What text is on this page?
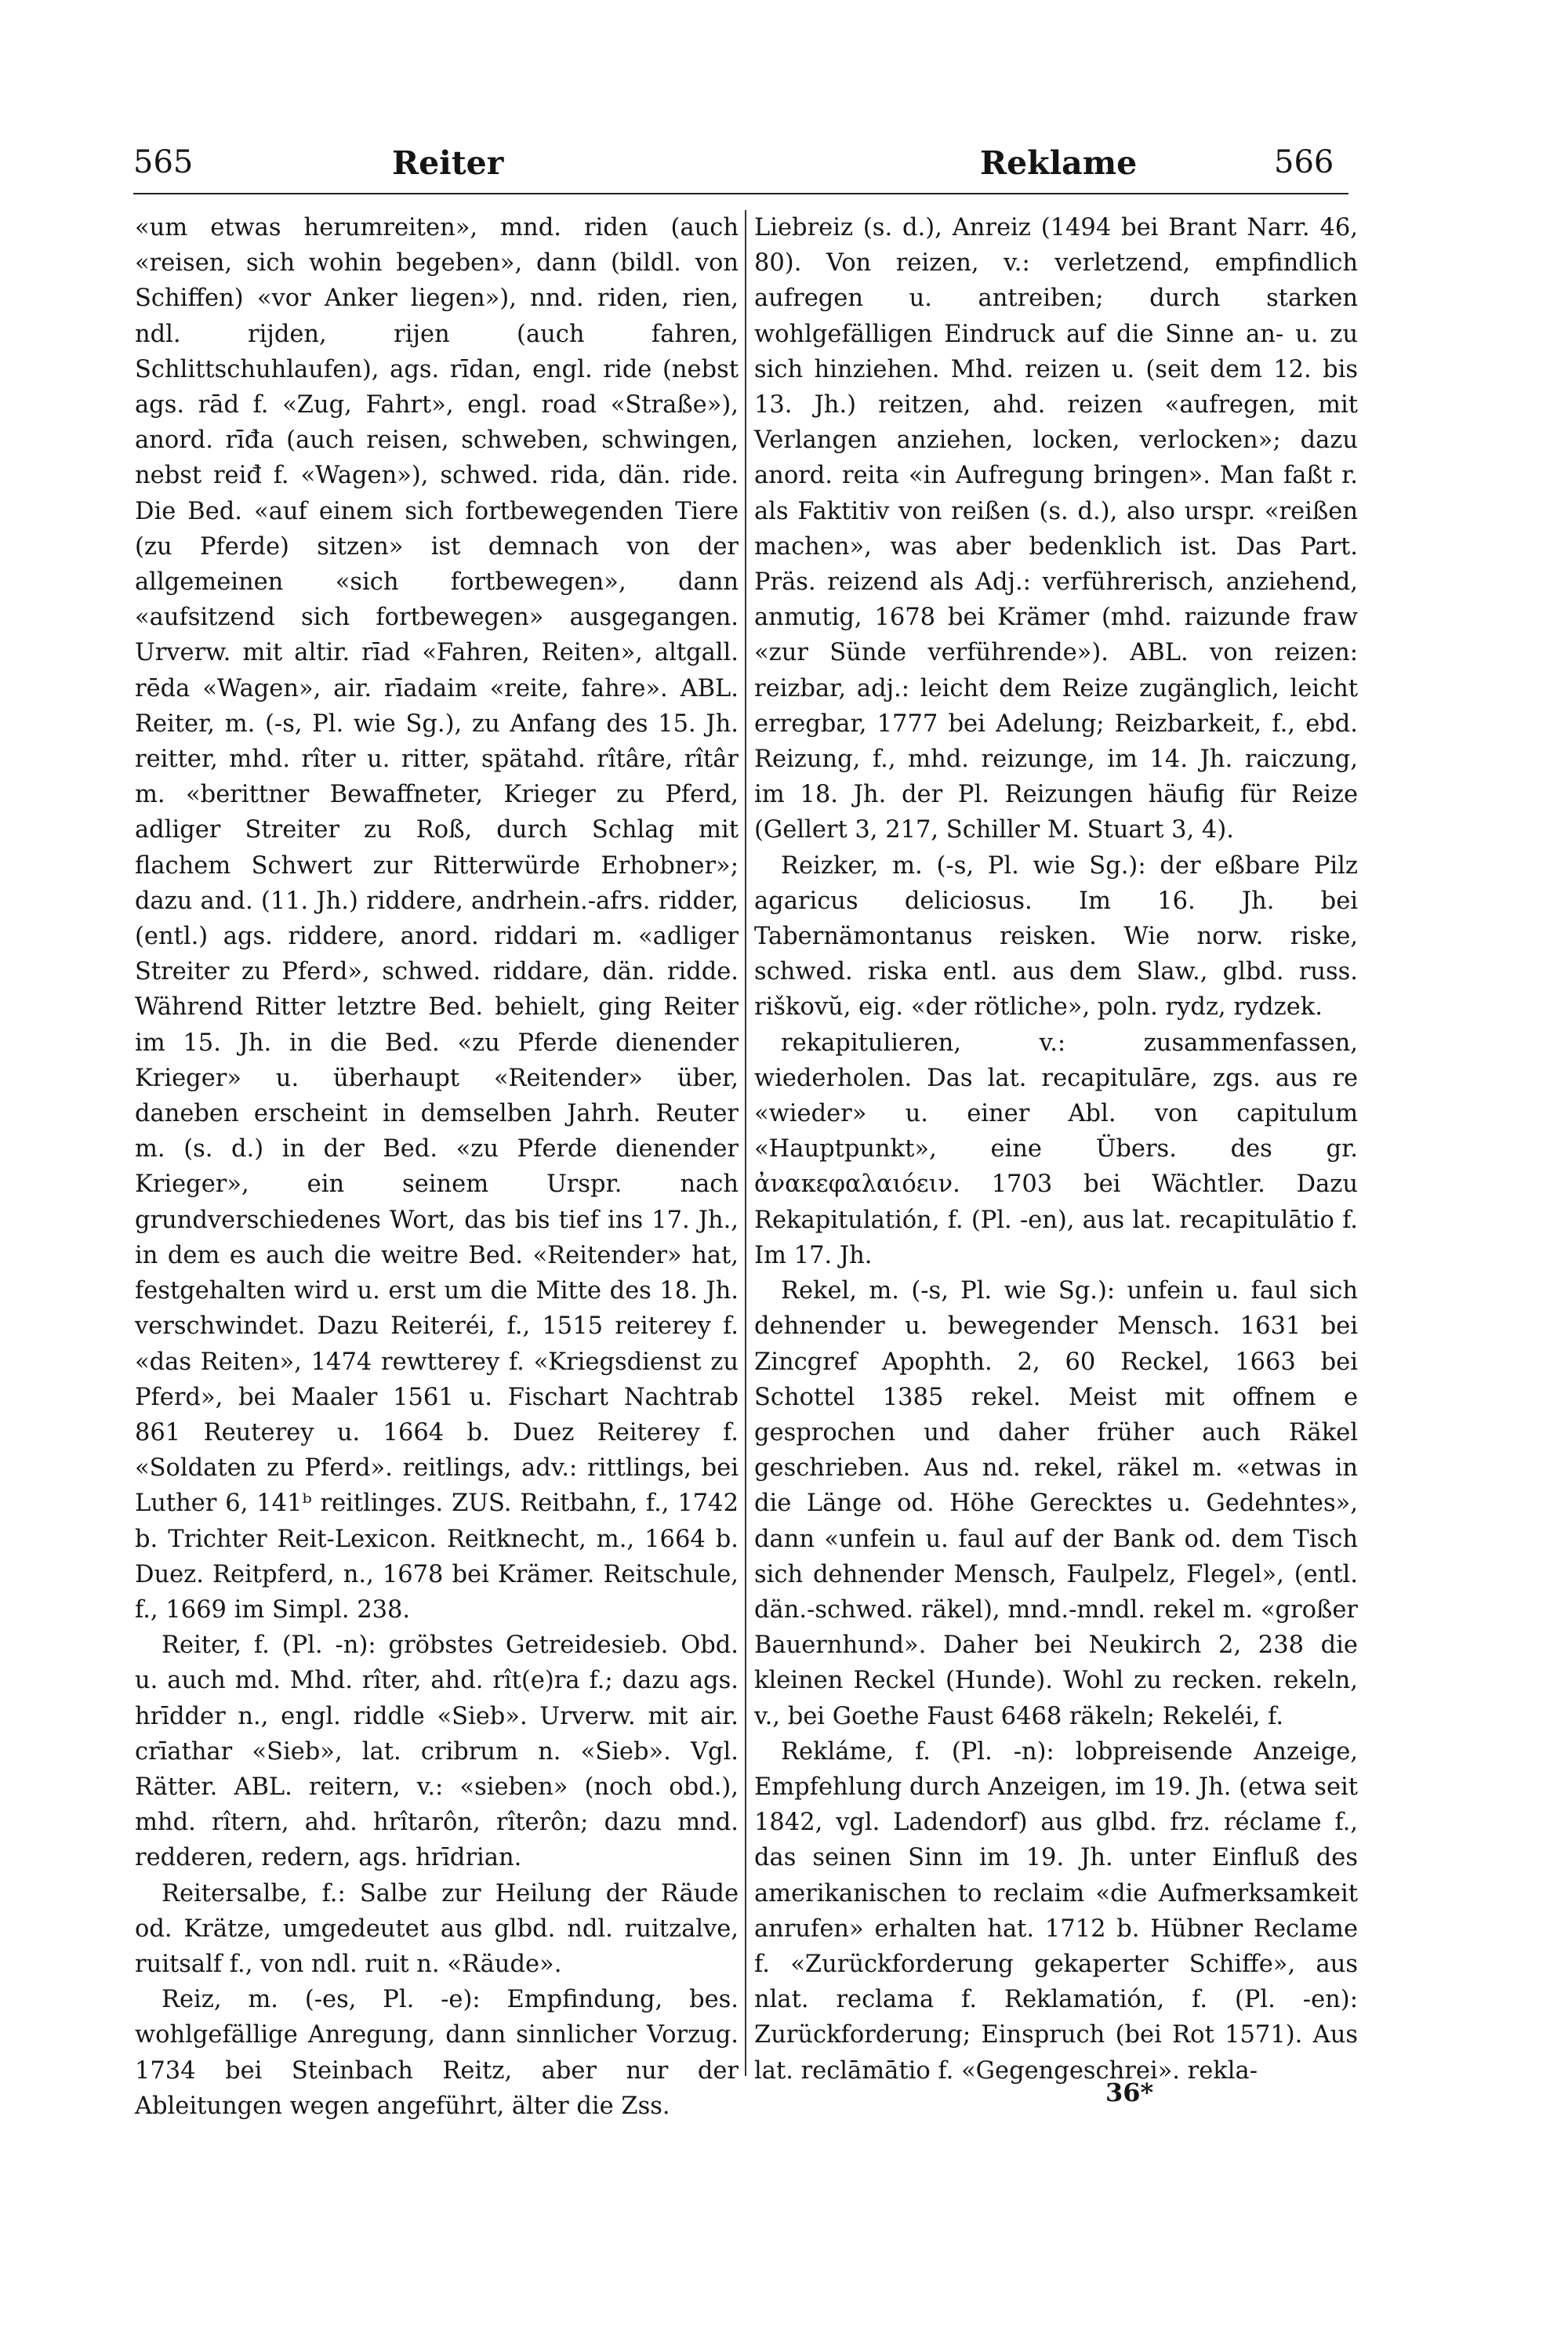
565	Reiter	Reklame	566

«um etwas herumreiten», mnd. riden (auch «reisen, sich wohin begeben», dann (bildl. von Schiffen) «vor Anker liegen»), nnd. riden, rien, ndl. rijden, rijen (auch fahren, Schlittschuhlaufen), ags. rīdan, engl. ride (nebst ags. rād f. «Zug, Fahrt», engl. road «Straße»), anord. rīđa (auch reisen, schweben, schwingen, nebst reiđ f. «Wagen»), schwed. rida, dän. ride. Die Bed. «auf einem sich fortbewegenden Tiere (zu Pferde) sitzen» ist demnach von der allgemeinen «sich fortbewegen», dann «aufsitzend sich fortbewegen» ausgegangen. Urverw. mit altir. rīad «Fahren, Reiten», altgall. rēda «Wagen», air. rīadaim «reite, fahre». ABL. Reiter, m. (-s, Pl. wie Sg.), zu Anfang des 15. Jh. reitter, mhd. rîter u. ritter, spätahd. rîtâre, rîtâr m. «berittner Bewaffneter, Krieger zu Pferd, adliger Streiter zu Roß, durch Schlag mit flachem Schwert zur Ritterwürde Erhobner»; dazu and. (11. Jh.) riddere, andrhein.-afrs. ridder, (entl.) ags. riddere, anord. riddari m. «adliger Streiter zu Pferd», schwed. riddare, dän. ridde. Während Ritter letztre Bed. behielt, ging Reiter im 15. Jh. in die Bed. «zu Pferde dienender Krieger» u. überhaupt «Reitender» über, daneben erscheint in demselben Jahrh. Reuter m. (s. d.) in der Bed. «zu Pferde dienender Krieger», ein seinem Urspr. nach grundverschiedenes Wort, das bis tief ins 17. Jh., in dem es auch die weitre Bed. «Reitender» hat, festgehalten wird u. erst um die Mitte des 18. Jh. verschwindet. Dazu Reiteréi, f., 1515 reiterey f. «das Reiten», 1474 rewtterey f. «Kriegsdienst zu Pferd», bei Maaler 1561 u. Fischart Nachtrab 861 Reuterey u. 1664 b. Duez Reiterey f. «Soldaten zu Pferd». reitlings, adv.: rittlings, bei Luther 6, 141ᵇ reitlinges. ZUS. Reitbahn, f., 1742 b. Trichter Reit-Lexicon. Reitknecht, m., 1664 b. Duez. Reitpferd, n., 1678 bei Krämer. Reitschule, f., 1669 im Simpl. 238.

Reiter, f. (Pl. -n): gröbstes Getreidesieb. Obd. u. auch md. Mhd. rîter, ahd. rît(e)ra f.; dazu ags. hrīdder n., engl. riddle «Sieb». Urverw. mit air. crīathar «Sieb», lat. cribrum n. «Sieb». Vgl. Rätter. ABL. reitern, v.: «sieben» (noch obd.), mhd. rîtern, ahd. hrîtarôn, rîterôn; dazu mnd. redderen, redern, ags. hrīdrian.

Reitersalbe, f.: Salbe zur Heilung der Räude od. Krätze, umgedeutet aus glbd. ndl. ruitzalve, ruitsalf f., von ndl. ruit n. «Räude».

Reiz, m. (-es, Pl. -e): Empfindung, bes. wohlgefällige Anregung, dann sinnlicher Vorzug. 1734 bei Steinbach Reitz, aber nur der Ableitungen wegen angeführt, älter die Zss.

Liebreiz (s. d.), Anreiz (1494 bei Brant Narr. 46, 80). Von reizen, v.: verletzend, empfindlich aufregen u. antreiben; durch starken wohlgefälligen Eindruck auf die Sinne an- u. zu sich hinziehen. Mhd. reizen u. (seit dem 12. bis 13. Jh.) reitzen, ahd. reizen «aufregen, mit Verlangen anziehen, locken, verlocken»; dazu anord. reita «in Aufregung bringen». Man faßt r. als Faktitiv von reißen (s. d.), also urspr. «reißen machen», was aber bedenklich ist. Das Part. Präs. reizend als Adj.: verführerisch, anziehend, anmutig, 1678 bei Krämer (mhd. raizunde fraw «zur Sünde verführende»). ABL. von reizen: reizbar, adj.: leicht dem Reize zugänglich, leicht erregbar, 1777 bei Adelung; Reizbarkeit, f., ebd. Reizung, f., mhd. reizunge, im 14. Jh. raiczung, im 18. Jh. der Pl. Reizungen häufig für Reize (Gellert 3, 217, Schiller M. Stuart 3, 4).

Reizker, m. (-s, Pl. wie Sg.): der eßbare Pilz agaricus deliciosus. Im 16. Jh. bei Tabernämontanus reisken. Wie norw. riske, schwed. riska entl. aus dem Slaw., glbd. russ. riškovŭ, eig. «der rötliche», poln. rydz, rydzek.

rekapitulieren, v.: zusammenfassen, wiederholen. Das lat. recapitulāre, zgs. aus re «wieder» u. einer Abl. von capitulum «Hauptpunkt», eine Übers. des gr. ἀνακεφαλαιόειν. 1703 bei Wächtler. Dazu Rekapitulatión, f. (Pl. -en), aus lat. recapitulātio f. Im 17. Jh.

Rekel, m. (-s, Pl. wie Sg.): unfein u. faul sich dehnender u. bewegender Mensch. 1631 bei Zincgref Apophth. 2, 60 Reckel, 1663 bei Schottel 1385 rekel. Meist mit offnem e gesprochen und daher früher auch Räkel geschrieben. Aus nd. rekel, räkel m. «etwas in die Länge od. Höhe Gerecktes u. Gedehntes», dann «unfein u. faul auf der Bank od. dem Tisch sich dehnender Mensch, Faulpelz, Flegel», (entl. dän.-schwed. räkel), mnd.-mndl. rekel m. «großer Bauernhund». Daher bei Neukirch 2, 238 die kleinen Reckel (Hunde). Wohl zu recken. rekeln, v., bei Goethe Faust 6468 räkeln; Rekeléi, f.

Rekláme, f. (Pl. -n): lobpreisende Anzeige, Empfehlung durch Anzeigen, im 19. Jh. (etwa seit 1842, vgl. Ladendorf) aus glbd. frz. réclame f., das seinen Sinn im 19. Jh. unter Einfluß des amerikanischen to reclaim «die Aufmerksamkeit anrufen» erhalten hat. 1712 b. Hübner Reclame f. «Zurückforderung gekaperter Schiffe», aus nlat. reclama f. Reklamatión, f. (Pl. -en): Zurückforderung; Einspruch (bei Rot 1571). Aus lat. reclāmātio f. «Gegengeschrei». rekla-

36*
